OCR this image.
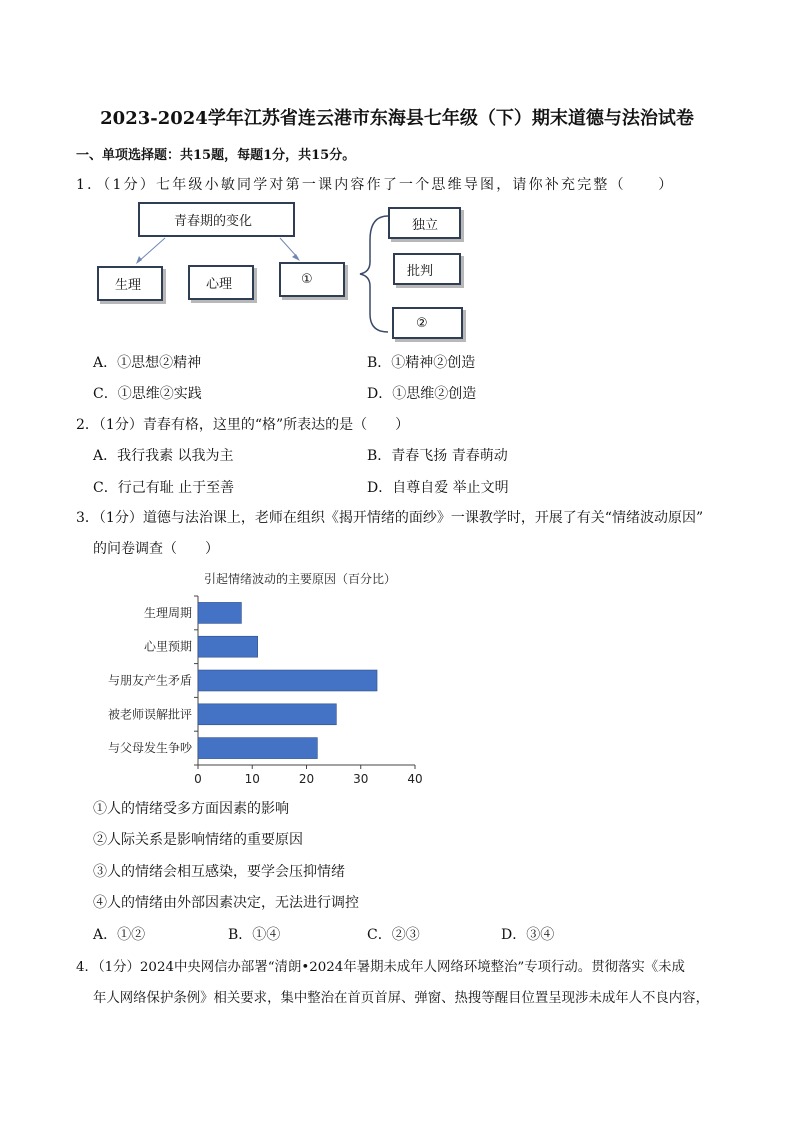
2023-2024学年江苏省连云港市东海县七年级（下）期末道德与法治试卷
一、单项选择题：共15题，每题1分，共15分。
1．（1分）七年级小敏同学对第一课内容作了一个思维导图，请你补充完整（　　）
青春期的变化
生理	心理	①
独立
批判
②
A．①思想②精神	B．①精神②创造
C．①思维②实践	D．①思维②创造
2．（1分）青春有格，这里的“格”所表达的是（　　）
A．我行我素 以我为主	B．青春飞扬 青春萌动
C．行己有耻 止于至善	D．自尊自爱 举止文明
3．（1分）道德与法治课上，老师在组织《揭开情绪的面纱》一课教学时，开展了有关“情绪波动原因”
的问卷调查（　　）
引起情绪波动的主要原因（百分比）
生理周期
心里预期
与朋友产生矛盾
被老师误解批评
与父母发生争吵
0	10	20	30	40
①人的情绪受多方面因素的影响
②人际关系是影响情绪的重要原因
③人的情绪会相互感染，要学会压抑情绪
④人的情绪由外部因素决定，无法进行调控
A．①②	B．①④	C．②③	D．③④
4．（1分）2024中央网信办部署“清朗•2024年暑期未成年人网络环境整治”专项行动。贯彻落实《未成
年人网络保护条例》相关要求，集中整治在首页首屏、弹窗、热搜等醒目位置呈现涉未成年人不良内容，
